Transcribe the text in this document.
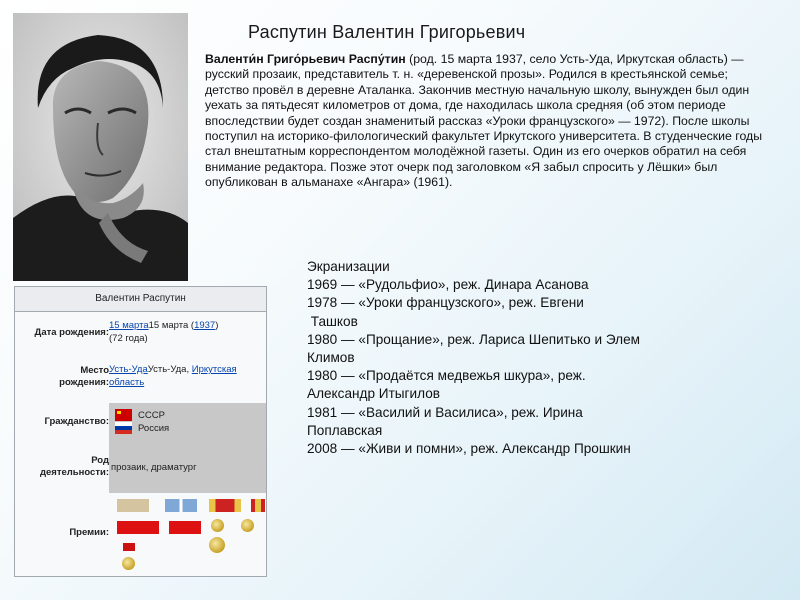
Распутин Валентин Григорьевич
Валенти́н Григо́рьевич Распу́тин (род. 15 марта 1937, село Усть-Уда, Иркутская область) — русский прозаик, представитель т. н. «деревенской прозы». Родился в крестьянской семье; детство провёл в деревне Аталанка. Закончив местную начальную школу, вынужден был один уехать за пятьдесят километров от дома, где находилась школа средняя (об этом периоде впоследствии будет создан знаменитый рассказ «Уроки французского» — 1972). После школы поступил на историко-филологический факультет Иркутского университета. В студенческие годы стал внештатным корреспондентом молодёжной газеты. Один из его очерков обратил на себя внимание редактора. Позже этот очерк под заголовком «Я забыл спросить у Лёшки» был опубликован в альманахе «Ангара» (1961).
Валентин Распутин
Дата рождения:
15 марта15 марта (1937)
(72 года)
Место
рождения:
Усть-УдаУсть-Уда, Иркутская
область
Гражданство:
СССР
Россия
Род
деятельности: прозаик, драматург
Премии:
Экранизации
1969 — «Рудольфио», реж. Динара Асанова
1978 — «Уроки французского», реж. Евгени
Ташков
1980 — «Прощание», реж. Лариса Шепитько и Элем
Климов
1980 — «Продаётся медвежья шкура», реж.
Александр Итыгилов
1981 — «Василий и Василиса», реж. Ирина
Поплавская
2008 — «Живи и помни», реж. Александр Прошкин
